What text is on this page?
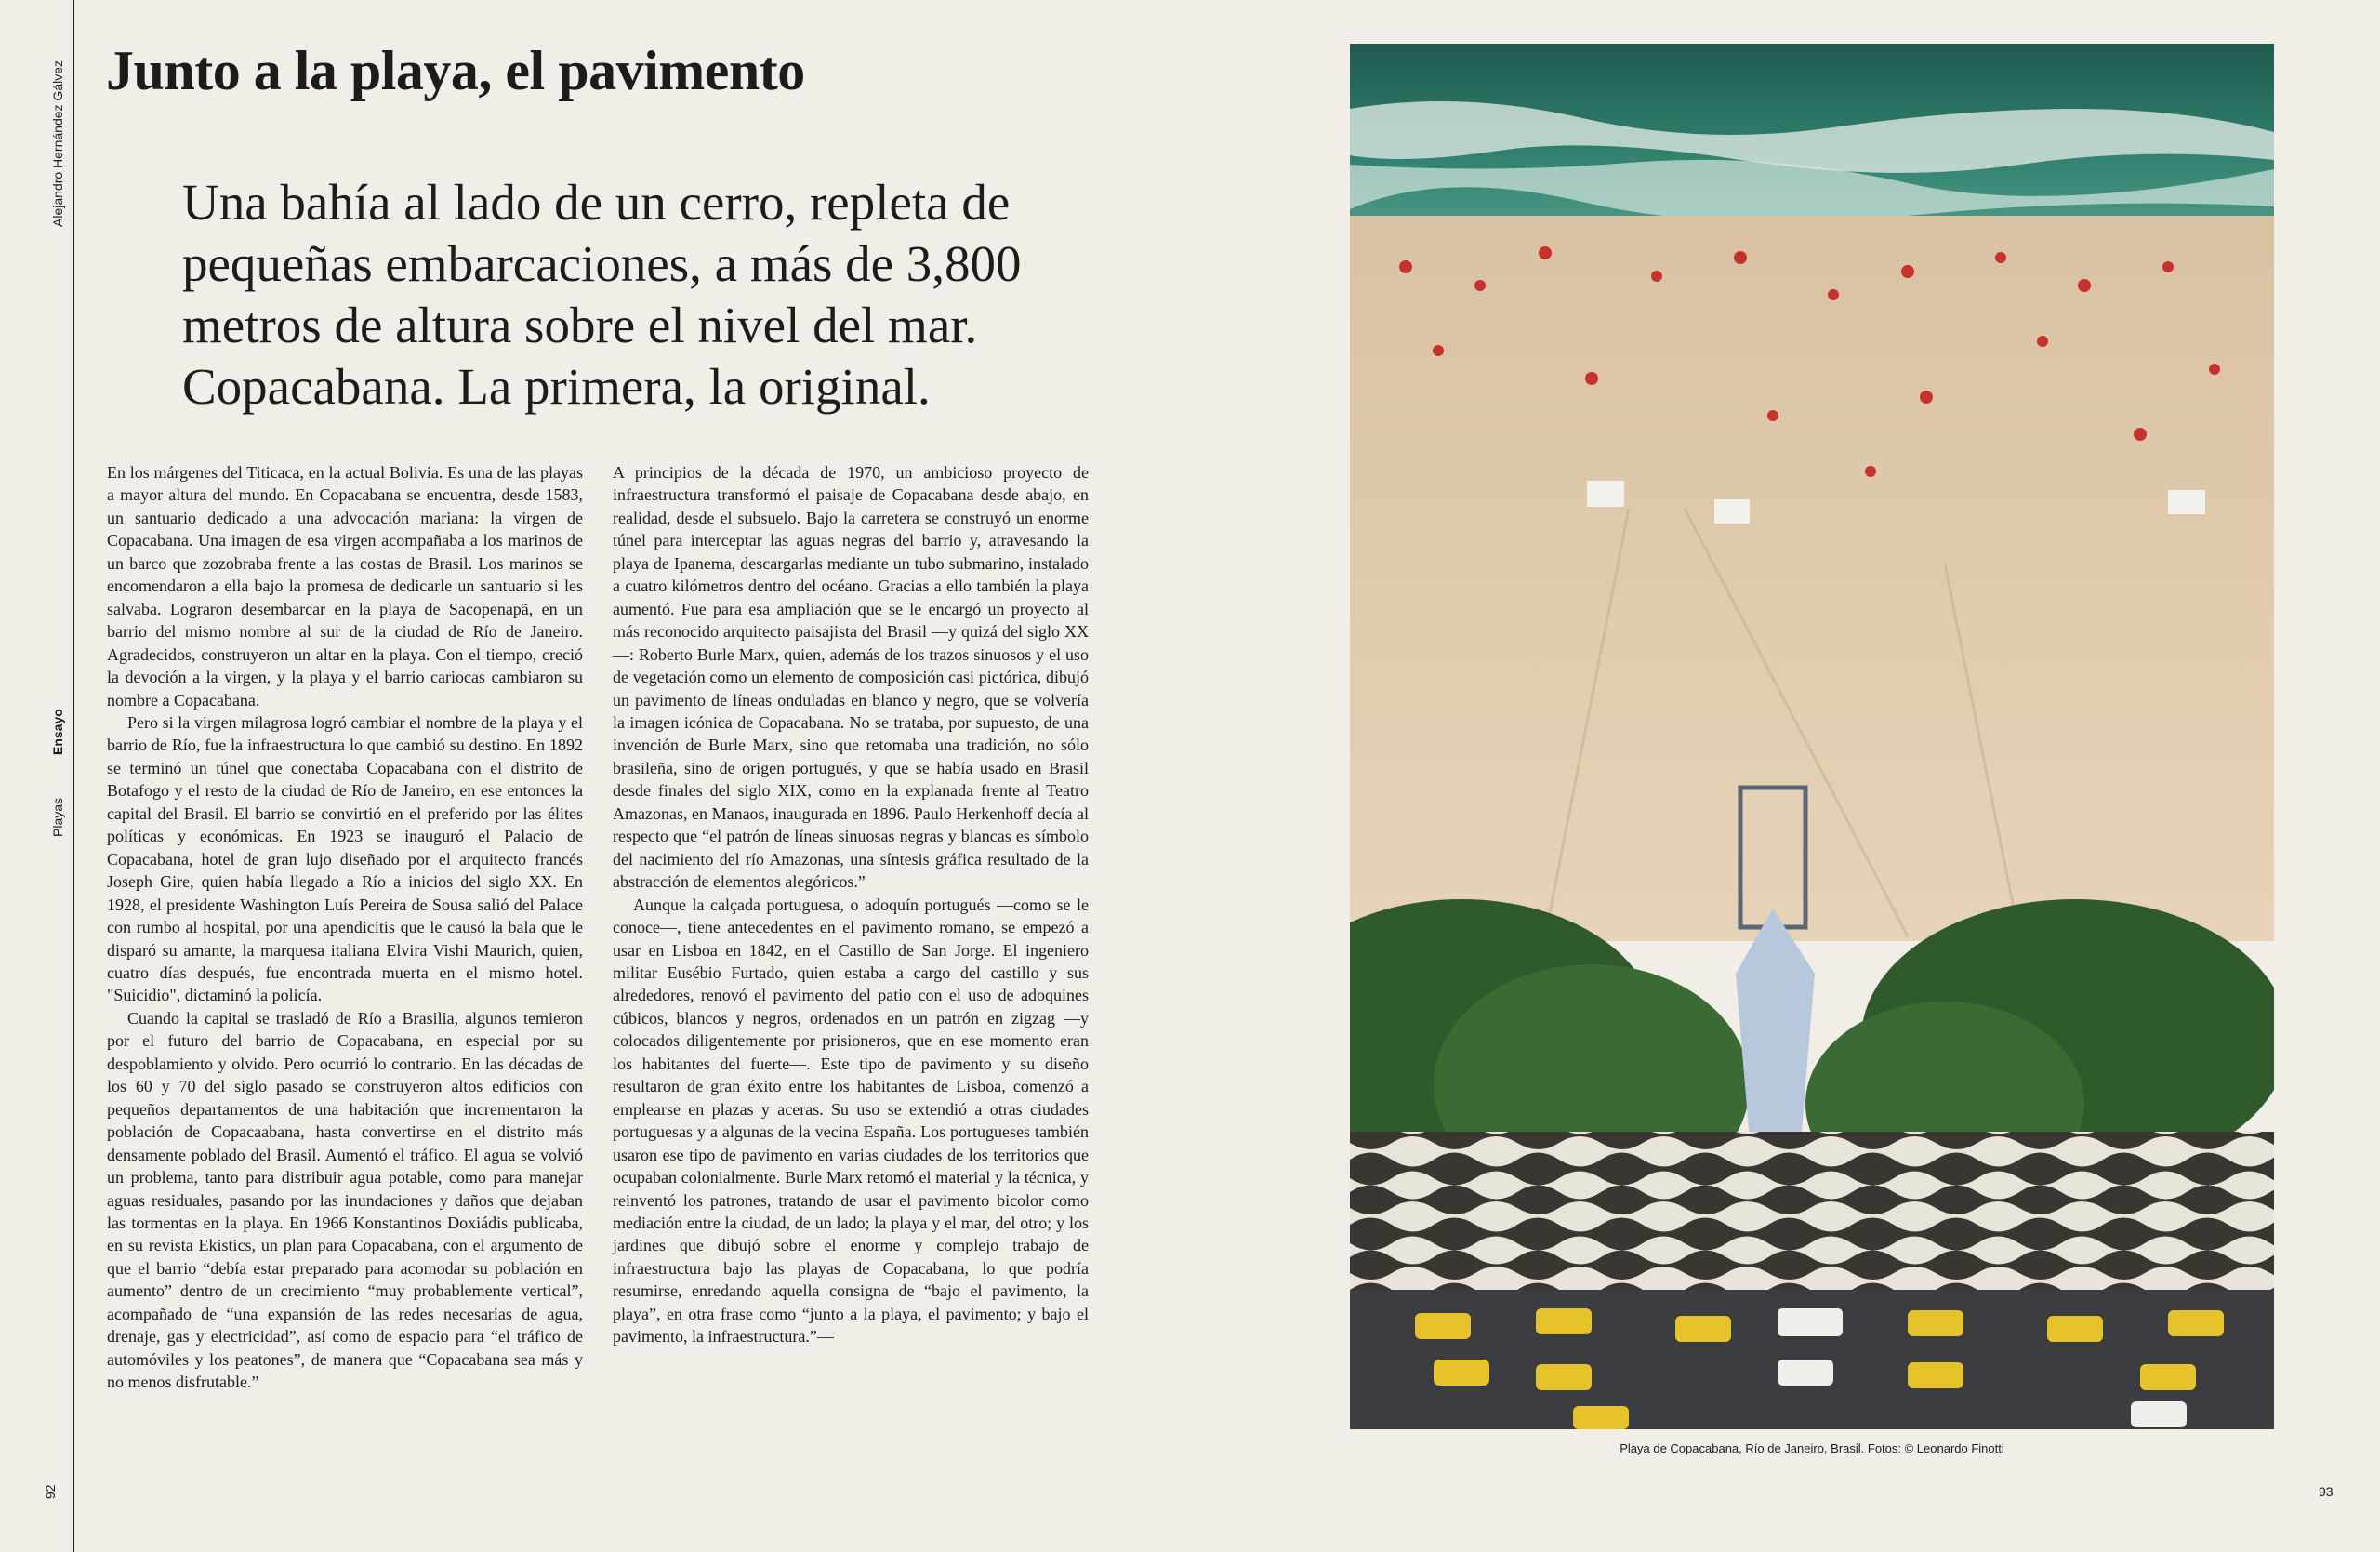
Alejandro Hernández Gálvez
Ensayo
Playas
92	93
Junto a la playa, el pavimento

Una bahía al lado de un cerro, repleta de pequeñas embarcaciones, a más de 3,800 metros de altura sobre el nivel del mar. Copacabana. La primera, la original.

En los márgenes del Titicaca, en la actual Bolivia. Es una de las playas a mayor altura del mundo. En Copacabana se encuentra, desde 1583, un santuario dedicado a una advocación mariana: la virgen de Copacabana. Una imagen de esa virgen acompañaba a los marinos de un barco que zozobraba frente a las costas de Brasil. Los marinos se encomendaron a ella bajo la promesa de dedicarle un santuario si les salvaba. Lograron desembarcar en la playa de Sacopenapã, en un barrio del mismo nombre al sur de la ciudad de Río de Janeiro. Agradecidos, construyeron un altar en la playa. Con el tiempo, creció la devoción a la virgen, y la playa y el barrio cariocas cambiaron su nombre a Copacabana.

Pero si la virgen milagrosa logró cambiar el nombre de la playa y el barrio de Río, fue la infraestructura lo que cambió su destino. En 1892 se terminó un túnel que conectaba Copacabana con el distrito de Botafogo y el resto de la ciudad de Río de Janeiro, en ese entonces la capital del Brasil. El barrio se convirtió en el preferido por las élites políticas y económicas. En 1923 se inauguró el Palacio de Copacabana, hotel de gran lujo diseñado por el arquitecto francés Joseph Gire, quien había llegado a Río a inicios del siglo XX. En 1928, el presidente Washington Luís Pereira de Sousa salió del Palace con rumbo al hospital, por una apendicitis que le causó la bala que le disparó su amante, la marquesa italiana Elvira Vishi Maurich, quien, cuatro días después, fue encontrada muerta en el mismo hotel. "Suicidio", dictaminó la policía.

Cuando la capital se trasladó de Río a Brasilia, algunos temieron por el futuro del barrio de Copacabana, en especial por su despoblamiento y olvido. Pero ocurrió lo contrario. En las décadas de los 60 y 70 del siglo pasado se construyeron altos edificios con pequeños departamentos de una habitación que incrementaron la población de Copacaabana, hasta convertirse en el distrito más densamente poblado del Brasil. Aumentó el tráfico. El agua se volvió un problema, tanto para distribuir agua potable, como para manejar aguas residuales, pasando por las inundaciones y daños que dejaban las tormentas en la playa. En 1966 Konstantinos Doxiádis publicaba, en su revista Ekistics, un plan para Copacabana, con el argumento de que el barrio “debía estar preparado para acomodar su población en aumento” dentro de un crecimiento “muy probablemente vertical”, acompañado de “una expansión de las redes necesarias de agua, drenaje, gas y electricidad”, así como de espacio para “el tráfico de automóviles y los peatones”, de manera que “Copacabana sea más y no menos disfrutable.”

A principios de la década de 1970, un ambicioso proyecto de infraestructura transformó el paisaje de Copacabana desde abajo, en realidad, desde el subsuelo. Bajo la carretera se construyó un enorme túnel para interceptar las aguas negras del barrio y, atravesando la playa de Ipanema, descargarlas mediante un tubo submarino, instalado a cuatro kilómetros dentro del océano. Gracias a ello también la playa aumentó. Fue para esa ampliación que se le encargó un proyecto al más reconocido arquitecto paisajista del Brasil —y quizá del siglo XX—: Roberto Burle Marx, quien, además de los trazos sinuosos y el uso de vegetación como un elemento de composición casi pictórica, dibujó un pavimento de líneas onduladas en blanco y negro, que se volvería la imagen icónica de Copacabana. No se trataba, por supuesto, de una invención de Burle Marx, sino que retomaba una tradición, no sólo brasileña, sino de origen portugués, y que se había usado en Brasil desde finales del siglo XIX, como en la explanada frente al Teatro Amazonas, en Manaos, inaugurada en 1896. Paulo Herkenhoff decía al respecto que “el patrón de líneas sinuosas negras y blancas es símbolo del nacimiento del río Amazonas, una síntesis gráfica resultado de la abstracción de elementos alegóricos.”

Aunque la calçada portuguesa, o adoquín portugués —como se le conoce—, tiene antecedentes en el pavimento romano, se empezó a usar en Lisboa en 1842, en el Castillo de San Jorge. El ingeniero militar Eusébio Furtado, quien estaba a cargo del castillo y sus alrededores, renovó el pavimento del patio con el uso de adoquines cúbicos, blancos y negros, ordenados en un patrón en zigzag —y colocados diligentemente por prisioneros, que en ese momento eran los habitantes del fuerte—. Este tipo de pavimento y su diseño resultaron de gran éxito entre los habitantes de Lisboa, comenzó a emplearse en plazas y aceras. Su uso se extendió a otras ciudades portuguesas y a algunas de la vecina España. Los portugueses también usaron ese tipo de pavimento en varias ciudades de los territorios que ocupaban colonialmente. Burle Marx retomó el material y la técnica, y reinventó los patrones, tratando de usar el pavimento bicolor como mediación entre la ciudad, de un lado; la playa y el mar, del otro; y los jardines que dibujó sobre el enorme y complejo trabajo de infraestructura bajo las playas de Copacabana, lo que podría resumirse, enredando aquella consigna de “bajo el pavimento, la playa”, en otra frase como “junto a la playa, el pavimento; y bajo el pavimento, la infraestructura.”—

Playa de Copacabana, Río de Janeiro, Brasil. Fotos: © Leonardo Finotti
